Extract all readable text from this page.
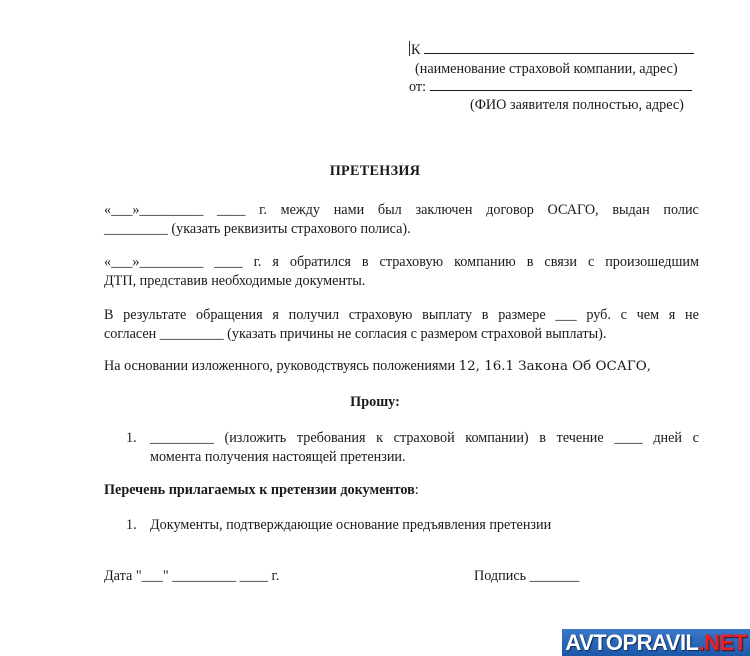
К
(наименование страховой компании, адрес)
от:
(ФИО заявителя полностью, адрес)
ПРЕТЕНЗИЯ
«___»_________ ____ г. между нами был заключен договор ОСАГО, выдан полис
_________ (указать реквизиты страхового полиса).
«___»_________ ____ г. я обратился в страховую компанию в связи с произошедшим
ДТП, представив необходимые документы.
В результате обращения я получил страховую выплату в размере ___ руб. с чем я не
согласен _________ (указать причины не согласия с размером страховой выплаты).
На основании изложенного, руководствуясь положениями 12, 16.1 Закона Об ОСАГО,
Прошу:
1. _________ (изложить требования к страховой компании) в течение ____ дней с
момента получения настоящей претензии.
Перечень прилагаемых к претензии документов:
1. Документы, подтверждающие основание предъявления претензии
Дата "___" _________ ____ г.	Подпись _______
AVTOPRAVIL .NET
